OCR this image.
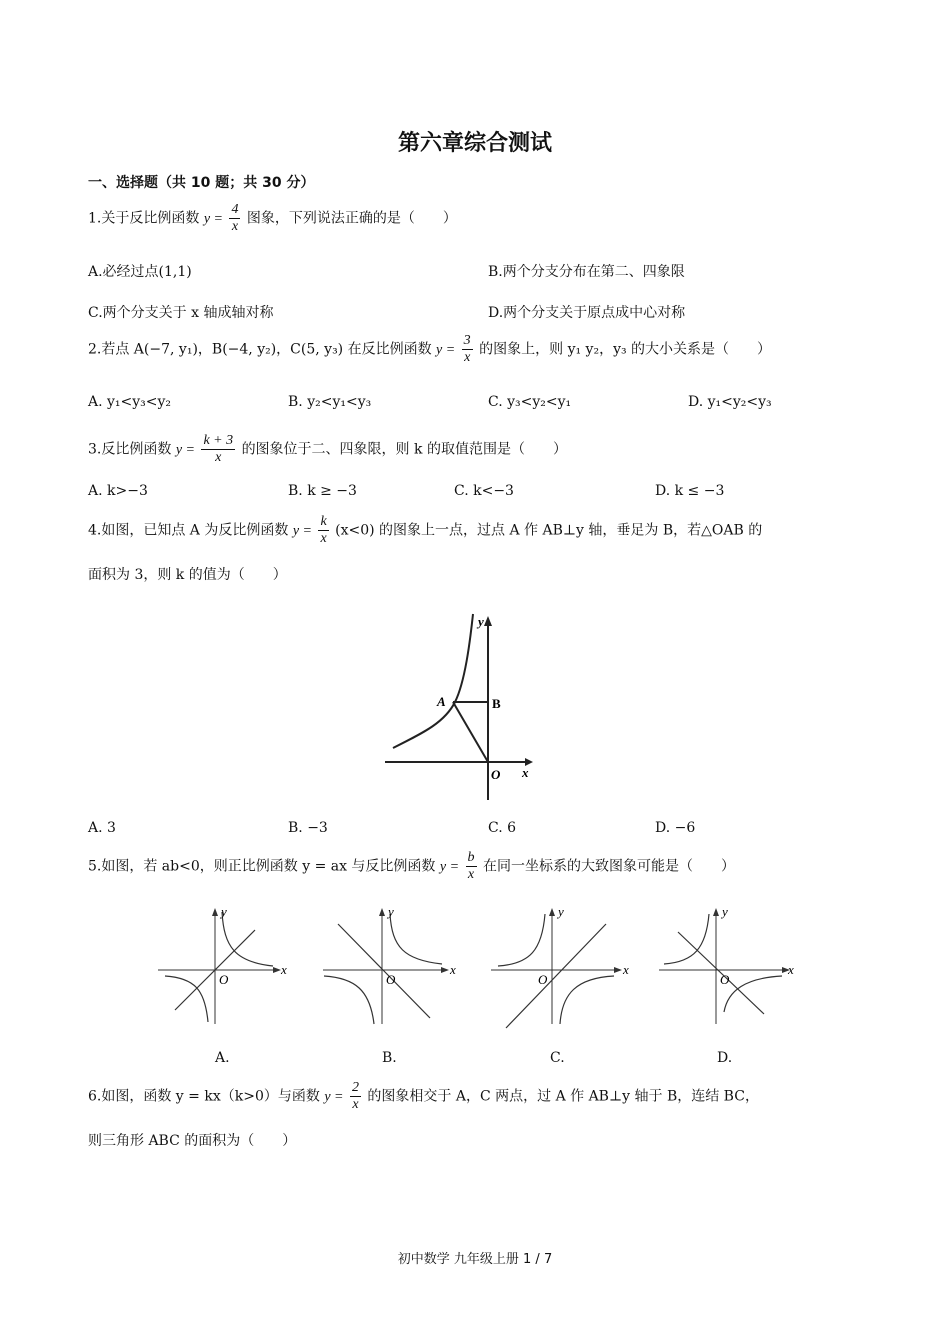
第六章综合测试
一、选择题（共 10 题；共 30 分）
1.关于反比例函数 $y = \frac{4}{x}$ 图象，下列说法正确的是（　　）
A.必经过点(1,1)	B.两个分支分布在第二、四象限
C.两个分支关于 x 轴成轴对称	D.两个分支关于原点成中心对称
2.若点 A(−7, y₁)，B(−4, y₂)，C(5, y₃) 在反比例函数 $y = \frac{3}{x}$ 的图象上，则 y₁ y₂，y₃ 的大小关系是（　　）
A. y₁<y₃<y₂	B. y₂<y₁<y₃	C. y₃<y₂<y₁	D. y₁<y₂<y₃
3.反比例函数 $y = \frac{k + 3}{x}$ 的图象位于二、四象限，则 k 的取值范围是（　　）
A. k>−3	B. k ≥ −3	C. k<−3	D. k ≤ −3
4.如图，已知点 A 为反比例函数 $y = \frac{k}{x} (x<0)$ 的图象上一点，过点 A 作 AB⊥y 轴，垂足为 B，若△OAB 的
面积为 3，则 k 的值为（　　）
A	B
O
y
x
A. 3	B. −3	C. 6	D. −6
5.如图，若 ab<0，则正比例函数 y = ax 与反比例函数 $y = \frac{b}{x}$ 在同一坐标系的大致图象可能是（　　）
O
y
x
O
y
x
O
y
x
O
y
x
A.	B.	C.	D.
6.如图，函数 y = kx（k>0）与函数 $y = \frac{2}{x}$ 的图象相交于 A，C 两点，过 A 作 AB⊥y 轴于 B，连结 BC，
则三角形 ABC 的面积为（　　）
初中数学 九年级上册 1 / 7
